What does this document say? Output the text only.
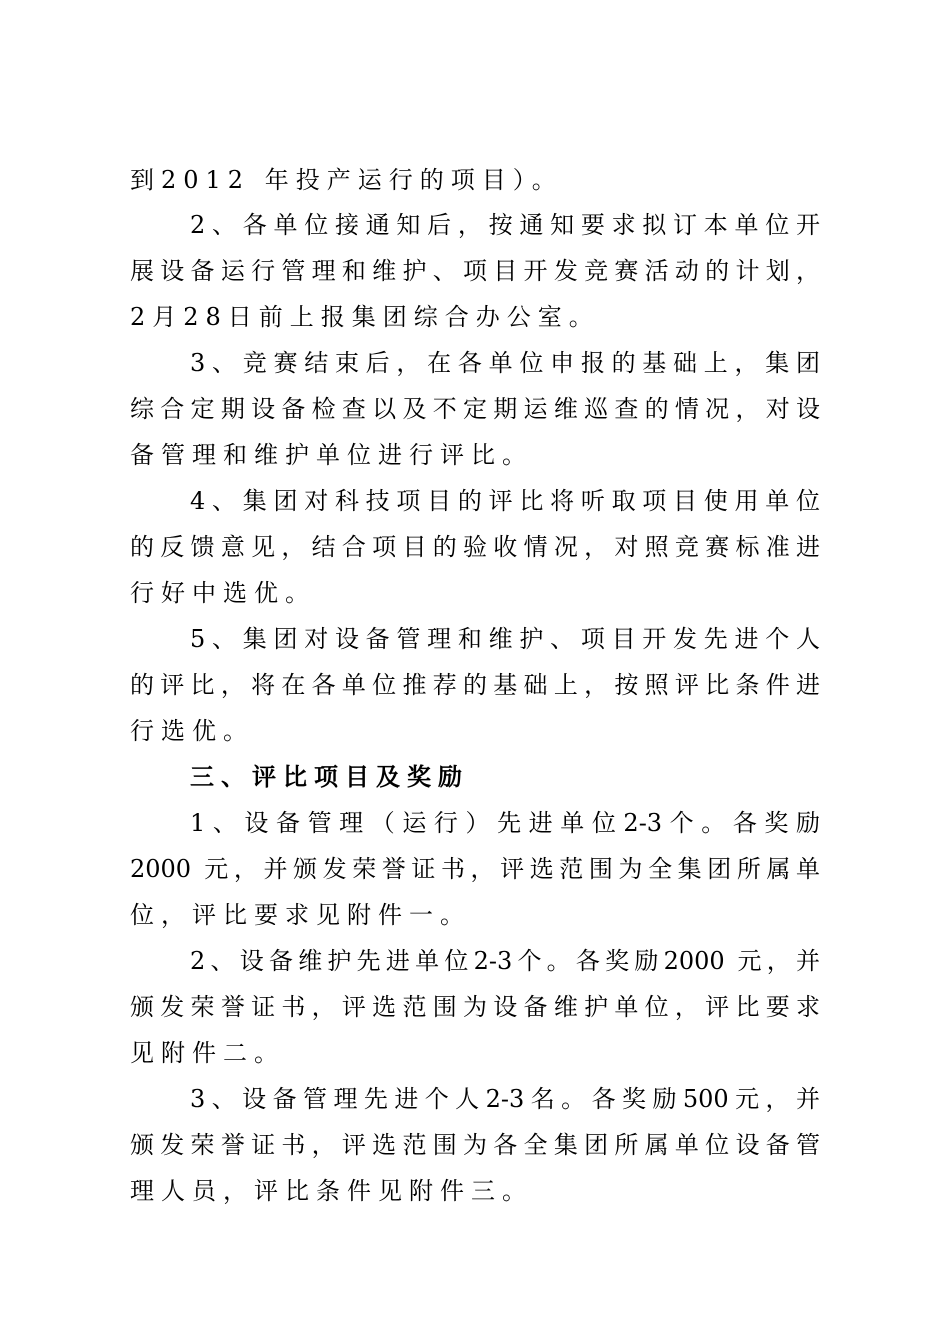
到2012 年投产运行的项目）。
2、各单位接通知后，按通知要求拟订本单位开
展设备运行管理和维护、项目开发竞赛活动的计划，
2月28日前上报集团综合办公室。
3、竞赛结束后，在各单位申报的基础上，集团
综合定期设备检查以及不定期运维巡查的情况，对设
备管理和维护单位进行评比。
4、集团对科技项目的评比将听取项目使用单位
的反馈意见，结合项目的验收情况，对照竞赛标准进
行好中选优。
5、集团对设备管理和维护、项目开发先进个人
的评比，将在各单位推荐的基础上，按照评比条件进
行选优。
三、评比项目及奖励
1、设备管理（运行）先进单位2-3个。各奖励
2000 元，并颁发荣誉证书，评选范围为全集团所属单
位，评比要求见附件一。
2、设备维护先进单位2-3个。各奖励2000 元，并
颁发荣誉证书，评选范围为设备维护单位，评比要求
见附件二。
3、设备管理先进个人2-3名。各奖励500元，并
颁发荣誉证书，评选范围为各全集团所属单位设备管
理人员，评比条件见附件三。
